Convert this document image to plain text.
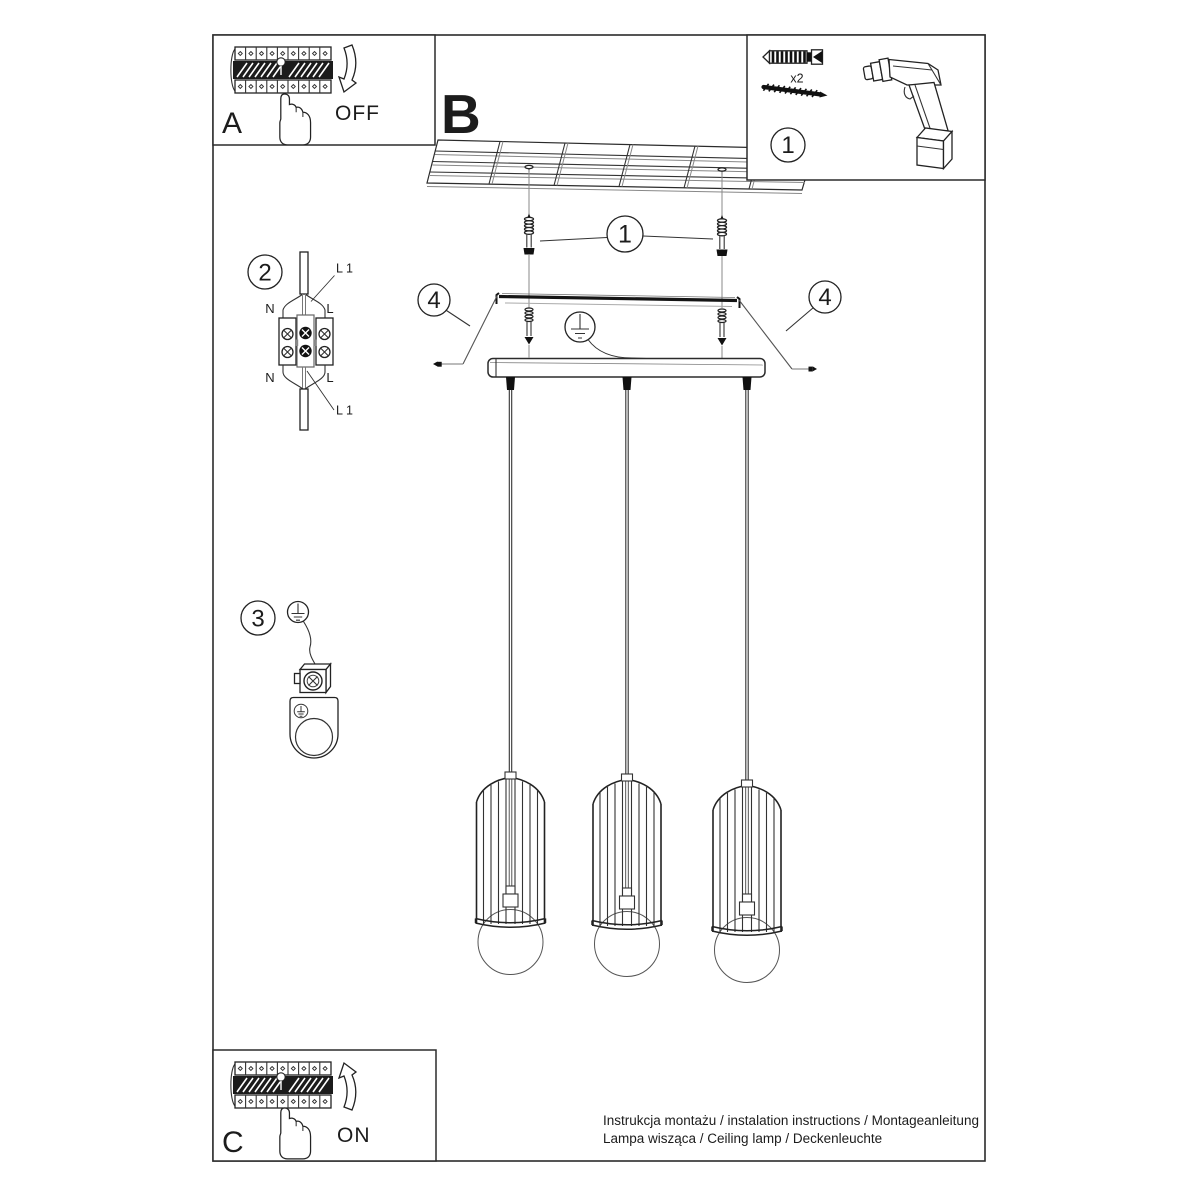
B
x2
1
1
4	4
OFF
A
2
N	L
N	L
L 1
L 1
3
ON
C
Instrukcja montażu / instalation instructions / Montageanleitung
Lampa wisząca / Ceiling lamp / Deckenleuchte
